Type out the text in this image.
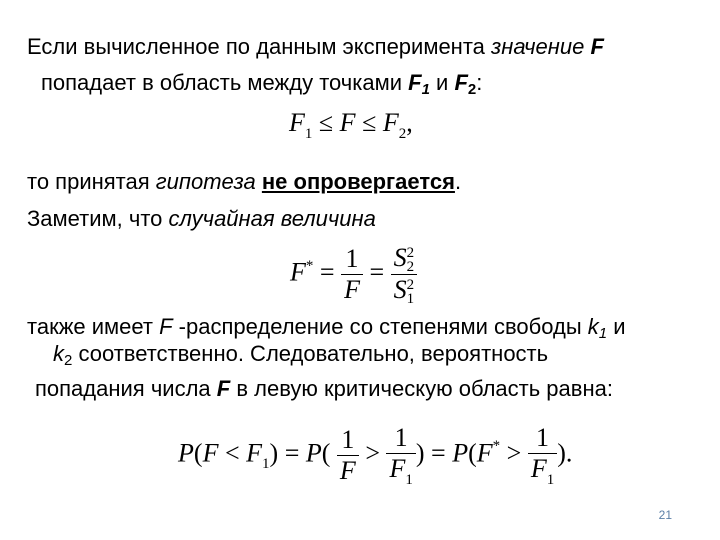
Если вычисленное по данным эксперимента значение F
попадает в область между точками $F_1$ и $F_2$:
$F_1 \le F \le F_2$,
то принятая гипотеза не опровергается.
Заметим, что случайная величина
$F^* = \frac{1}{F} = S$ 2
2
S 2
1
также имеет F -распределение со степенями свободы $k_1$ и
$k_2$ соответственно. Следовательно, вероятность
попадания числа F в левую критическую область равна:
$P(F < F_1) = P( \frac{1}{F} > \frac{1}{F_1}$ ) = $P(F^* > \frac{1}{F_1}$ ).
21
